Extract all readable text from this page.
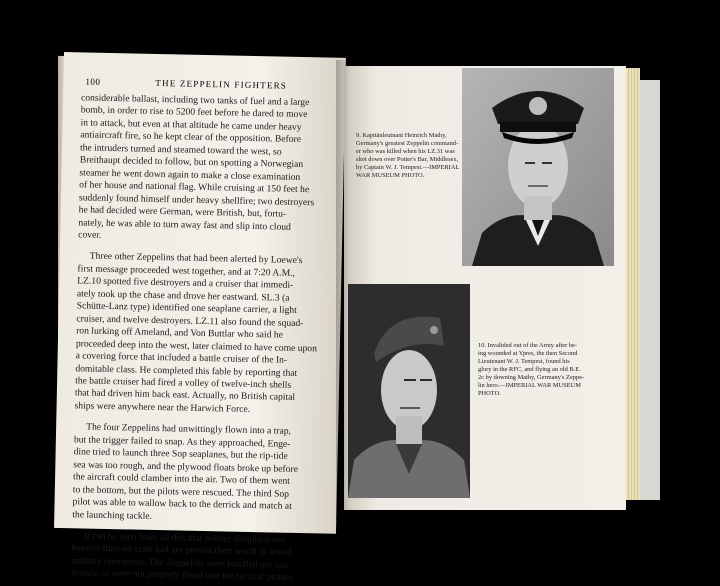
100	THE ZEPPELIN FIGHTERS
considerable ballast, including two tanks of fuel and a large
bomb, in order to rise to 5200 feet before he dared to move
in to attack, but even at that altitude he came under heavy
antiaircraft fire, so he kept clear of the opposition. Before
the intruders turned and steamed toward the west, so
Breithaupt decided to follow, but on spotting a Norwegian
steamer he went down again to make a close examination
of her house and national flag. While cruising at 150 feet he
suddenly found himself under heavy shellfire; two destroyers
he had decided were German, were British, but, fortu-
nately, he was able to turn away fast and slip into cloud
cover.
Three other Zeppelins that had been alerted by Loewe's
first message proceeded west together, and at 7:20 A.M.,
LZ.10 spotted five destroyers and a cruiser that immedi-
ately took up the chase and drove her eastward. SL.3 (a
Schütte-Lanz type) identified one seaplane carrier, a light
cruiser, and twelve destroyers. LZ.11 also found the squad-
ron lurking off Ameland, and Von Buttlar who said he
proceeded deep into the west, later claimed to have come upon
a covering force that included a battle cruiser of the In-
domitable class. He completed this fable by reporting that
the battle cruiser had fired a volley of twelve-inch shells
that had driven him back east. Actually, no British capital
ships were anywhere near the Harwich Force.
The four Zeppelins had unwittingly flown into a trap,
but the trigger failed to snap. As they approached, Enge-
dine tried to launch three Sop seaplanes, but the rip-tide
sea was too rough, and the plywood floats broke up before
the aircraft could clamber into the air. Two of them went
to the bottom, but the pilots were rescued. The third Sop
pilot was able to wallow back to the derrick and match at
the launching tackle.
It can be seen from all this that neither dirigibles nor
heavier-than-air craft had yet proved their worth in actual
military operations. The Zeppelins were handled too cau-
tiously, or were not properly fitted into the tactical picture.
9. Kapitänleutnant Heinrich Mathy,
Germany's greatest Zeppelin command-
er who was killed when his LZ.31 was
shot down over Potter's Bar, Middlesex,
by Captain W. J. Tempest.—IMPERIAL
WAR MUSEUM PHOTO.
10. Invalided out of the Army after be-
ing wounded at Ypres, the then Second
Lieutenant W. J. Tempest, found his
glory in the RFC, and flying an old B.E.
2c by downing Mathy, Germany's Zeppe-
lin hero.—IMPERIAL WAR MUSEUM
PHOTO.
